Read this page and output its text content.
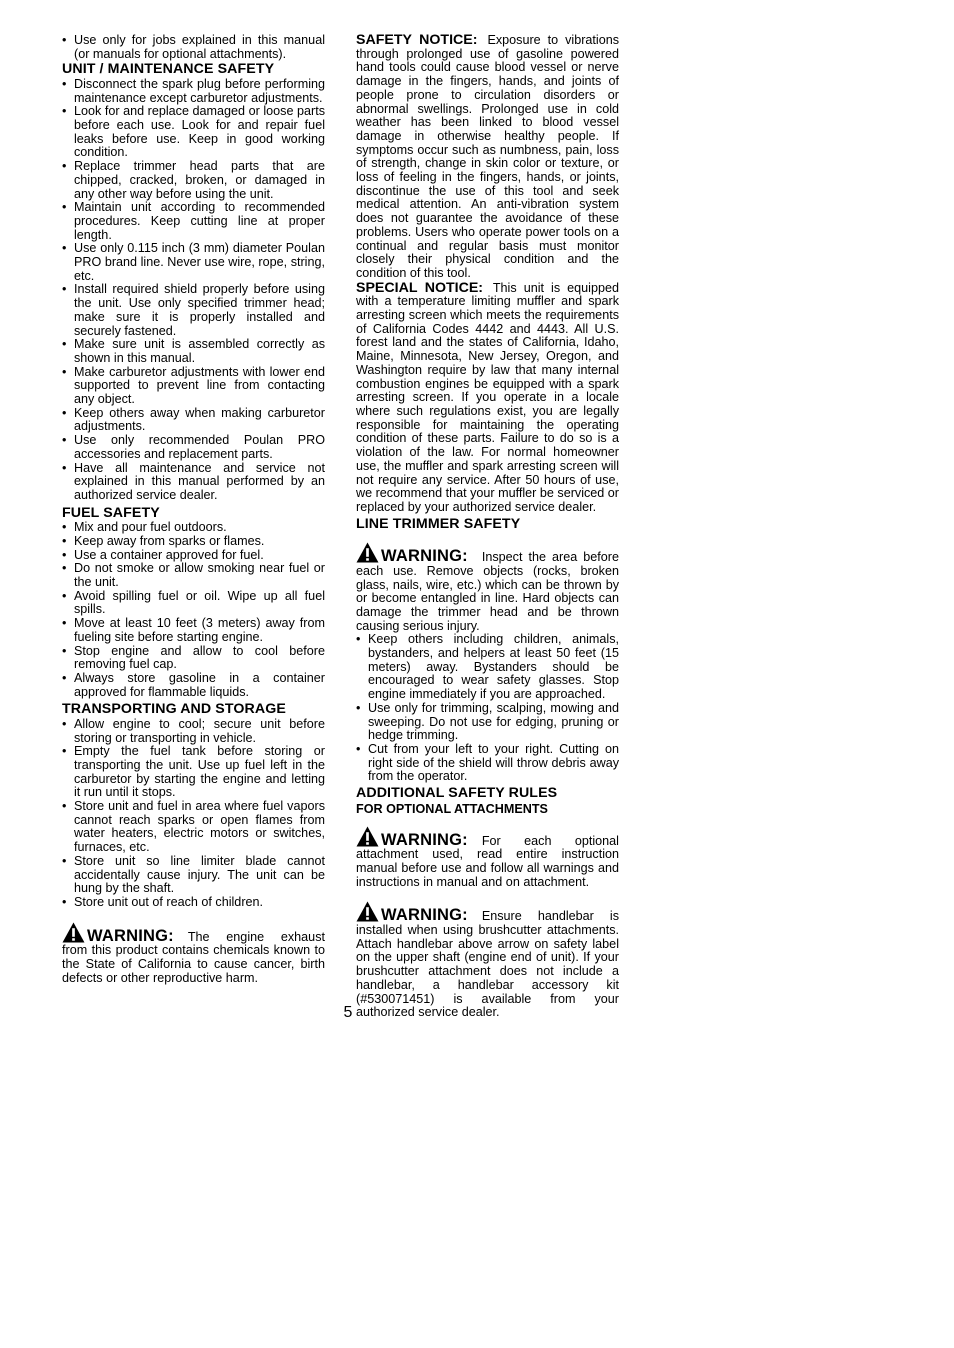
• Use only for jobs explained in this manual (or manuals for optional attachments).
UNIT / MAINTENANCE SAFETY
• Disconnect the spark plug before performing maintenance except carburetor adjustments.
• Look for and replace damaged or loose parts before each use. Look for and repair fuel leaks before use. Keep in good working condition.
• Replace trimmer head parts that are chipped, cracked, broken, or damaged in any other way before using the unit.
• Maintain unit according to recommended procedures. Keep cutting line at proper length.
• Use only 0.115 inch (3 mm) diameter Poulan PRO brand line. Never use wire, rope, string, etc.
• Install required shield properly before using the unit. Use only specified trimmer head; make sure it is properly installed and securely fastened.
• Make sure unit is assembled correctly as shown in this manual.
• Make carburetor adjustments with lower end supported to prevent line from contacting any object.
• Keep others away when making carburetor adjustments.
• Use only recommended Poulan PRO accessories and replacement parts.
• Have all maintenance and service not explained in this manual performed by an authorized service dealer.
FUEL SAFETY
• Mix and pour fuel outdoors.
• Keep away from sparks or flames.
• Use a container approved for fuel.
• Do not smoke or allow smoking near fuel or the unit.
• Avoid spilling fuel or oil. Wipe up all fuel spills.
• Move at least 10 feet (3 meters) away from fueling site before starting engine.
• Stop engine and allow to cool before removing fuel cap.
• Always store gasoline in a container approved for flammable liquids.
TRANSPORTING AND STORAGE
• Allow engine to cool; secure unit before storing or transporting in vehicle.
• Empty the fuel tank before storing or transporting the unit. Use up fuel left in the carburetor by starting the engine and letting it run until it stops.
• Store unit and fuel in area where fuel vapors cannot reach sparks or open flames from water heaters, electric motors or switches, furnaces, etc.
• Store unit so line limiter blade cannot accidentally cause injury. The unit can be hung by the shaft.
• Store unit out of reach of children.

WARNING: The engine exhaust from this product contains chemicals known to the State of California to cause cancer, birth defects or other reproductive harm.

SAFETY NOTICE: Exposure to vibrations through prolonged use of gasoline powered hand tools could cause blood vessel or nerve damage in the fingers, hands, and joints of people prone to circulation disorders or abnormal swellings. Prolonged use in cold weather has been linked to blood vessel damage in otherwise healthy people. If symptoms occur such as numbness, pain, loss of strength, change in skin color or texture, or loss of feeling in the fingers, hands, or joints, discontinue the use of this tool and seek medical attention. An anti-vibration system does not guarantee the avoidance of these problems. Users who operate power tools on a continual and regular basis must monitor closely their physical condition and the condition of this tool.

SPECIAL NOTICE: This unit is equipped with a temperature limiting muffler and spark arresting screen which meets the requirements of California Codes 4442 and 4443. All U.S. forest land and the states of California, Idaho, Maine, Minnesota, New Jersey, Oregon, and Washington require by law that many internal combustion engines be equipped with a spark arresting screen. If you operate in a locale where such regulations exist, you are legally responsible for maintaining the operating condition of these parts. Failure to do so is a violation of the law. For normal homeowner use, the muffler and spark arresting screen will not require any service. After 50 hours of use, we recommend that your muffler be serviced or replaced by your authorized service dealer.

LINE TRIMMER SAFETY

WARNING: Inspect the area before each use. Remove objects (rocks, broken glass, nails, wire, etc.) which can be thrown by or become entangled in line. Hard objects can damage the trimmer head and be thrown causing serious injury.

• Keep others including children, animals, bystanders, and helpers at least 50 feet (15 meters) away. Bystanders should be encouraged to wear safety glasses. Stop engine immediately if you are approached.
• Use only for trimming, scalping, mowing and sweeping. Do not use for edging, pruning or hedge trimming.
• Cut from your left to your right. Cutting on right side of the shield will throw debris away from the operator.
ADDITIONAL SAFETY RULES
FOR OPTIONAL ATTACHMENTS

WARNING: For each optional attachment used, read entire instruction manual before use and follow all warnings and instructions in manual and on attachment.

WARNING: Ensure handlebar is installed when using brushcutter attachments. Attach handlebar above arrow on safety label on the upper shaft (engine end of unit). If your brushcutter attachment does not include a handlebar, a handlebar accessory kit (#530071451) is available from your authorized service dealer.

5
